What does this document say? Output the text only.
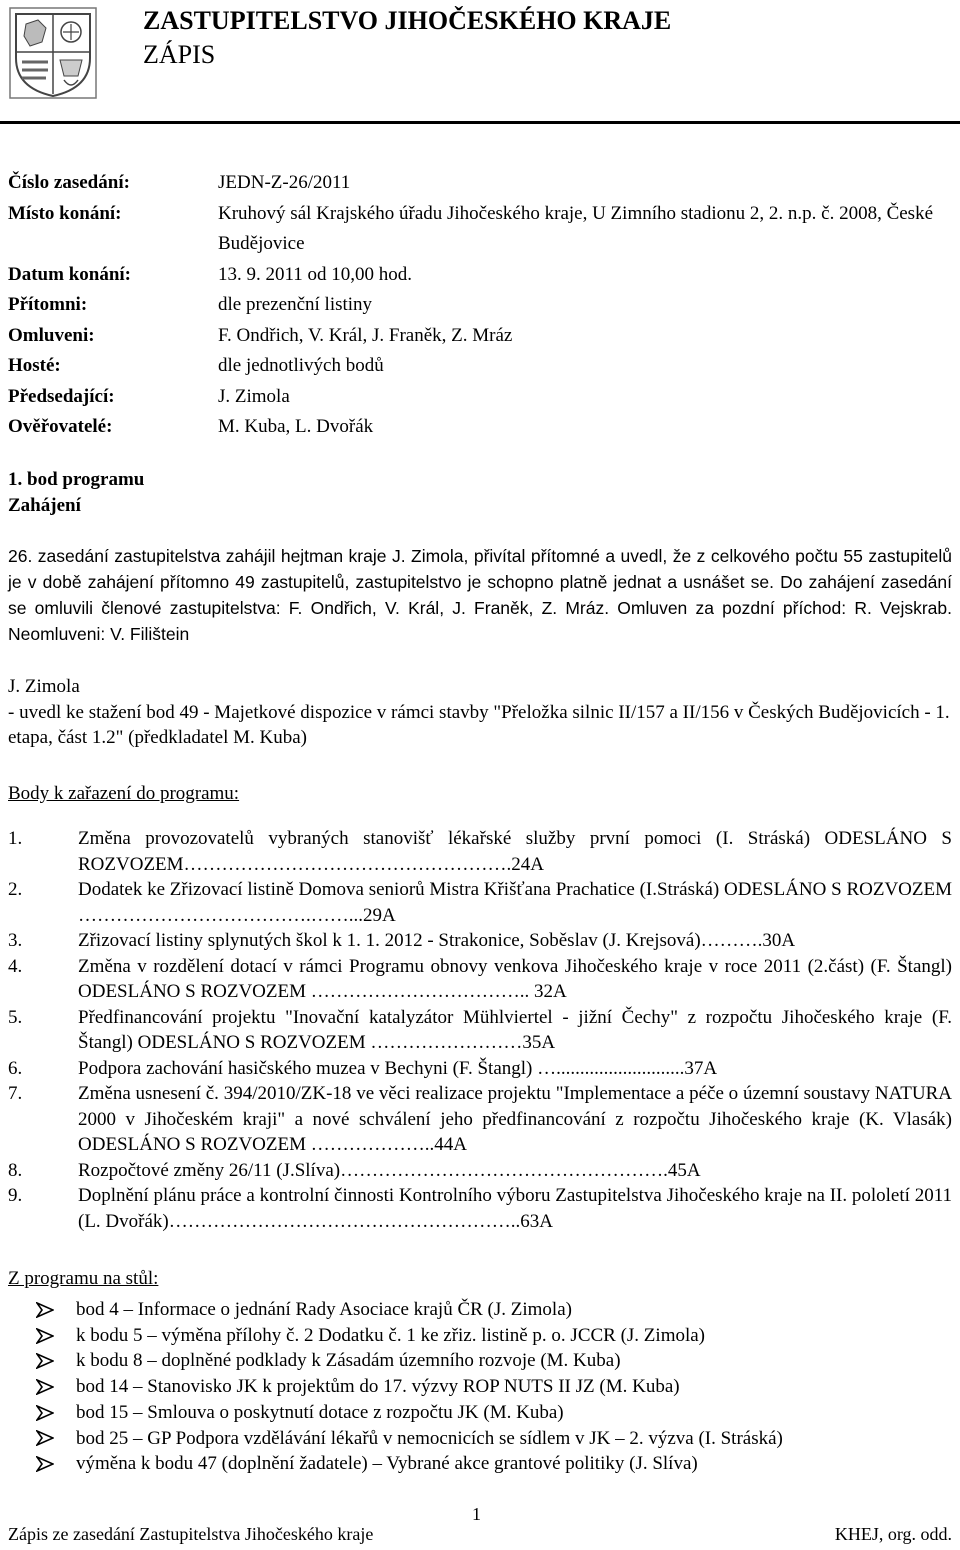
ZASTUPITELSTVO JIHOČESKÉHO KRAJE
ZÁPIS
Číslo zasedání:	JEDN-Z-26/2011
Místo konání:	Kruhový sál Krajského úřadu Jihočeského kraje, U Zimního stadionu 2, 2. n.p. č. 2008, České Budějovice
Datum konání:	13. 9. 2011 od 10,00 hod.
Přítomni:	dle prezenční listiny
Omluveni:	F. Ondřich, V. Král, J. Franěk, Z. Mráz
Hosté:	dle jednotlivých bodů
Předsedající:	J. Zimola
Ověřovatelé:	M. Kuba, L. Dvořák
1. bod programu
Zahájení
26. zasedání zastupitelstva zahájil hejtman kraje J. Zimola, přivítal přítomné a uvedl, že z celkového počtu 55 zastupitelů je v době zahájení přítomno 49 zastupitelů, zastupitelstvo je schopno platně jednat a usnášet se. Do zahájení zasedání se omluvili členové zastupitelstva: F. Ondřich, V. Král, J. Franěk, Z. Mráz. Omluven za pozdní příchod: R. Vejskrab. Neomluveni: V. Filištein
J. Zimola
- uvedl ke stažení bod 49 - Majetkové dispozice v rámci stavby "Přeložka silnic II/157 a II/156 v Českých Budějovicích - 1. etapa, část 1.2" (předkladatel M. Kuba)
Body k zařazení do programu:
1.	Změna provozovatelů vybraných stanovišť lékařské služby první pomoci (I. Stráská) ODESLÁNO S ROZVOZEM…………………………………………….24A
2.	Dodatek ke Zřizovací listině Domova seniorů Mistra Křišťana Prachatice (I.Stráská) ODESLÁNO S ROZVOZEM ……………………………….……...29A
3.	Zřizovací listiny splynutých škol k 1. 1. 2012 - Strakonice, Soběslav (J. Krejsová)……….30A
4.	Změna v rozdělení dotací v rámci Programu obnovy venkova Jihočeského kraje v roce 2011 (2.část) (F. Štangl) ODESLÁNO S ROZVOZEM …………………………….. 32A
5.	Předfinancování projektu "Inovační katalyzátor Mühlviertel - jižní Čechy" z rozpočtu Jihočeského kraje (F. Štangl) ODESLÁNO S ROZVOZEM ……………………35A
6.	Podpora zachování hasičského muzea v Bechyni (F. Štangl) …...........................37A
7.	Změna usnesení č. 394/2010/ZK-18 ve věci realizace projektu "Implementace a péče o územní soustavy NATURA 2000 v Jihočeském kraji" a nové schválení jeho předfinancování z rozpočtu Jihočeského kraje (K. Vlasák) ODESLÁNO S ROZVOZEM ………………..44A
8.	Rozpočtové změny 26/11 (J.Slíva)…………………………………………….45A
9.	Doplnění plánu práce a kontrolní činnosti Kontrolního výboru Zastupitelstva Jihočeského kraje na II. pololetí 2011 (L. Dvořák)………………………………………………..63A
Z programu na stůl:
bod 4 – Informace o jednání Rady Asociace krajů ČR (J. Zimola)
k bodu 5 – výměna přílohy č. 2 Dodatku č. 1 ke zřiz. listině p. o. JCCR (J. Zimola)
k bodu 8 – doplněné podklady k Zásadám územního rozvoje (M. Kuba)
bod 14 – Stanovisko JK k projektům do 17. výzvy ROP NUTS II JZ (M. Kuba)
bod 15 – Smlouva o poskytnutí dotace z rozpočtu JK (M. Kuba)
bod 25 – GP Podpora vzdělávání lékařů v nemocnicích se sídlem v JK – 2. výzva (I. Stráská)
výměna k bodu 47 (doplnění žadatele) – Vybrané akce grantové politiky (J. Slíva)
1
Zápis ze zasedání Zastupitelstva Jihočeského kraje	KHEJ, org. odd.
